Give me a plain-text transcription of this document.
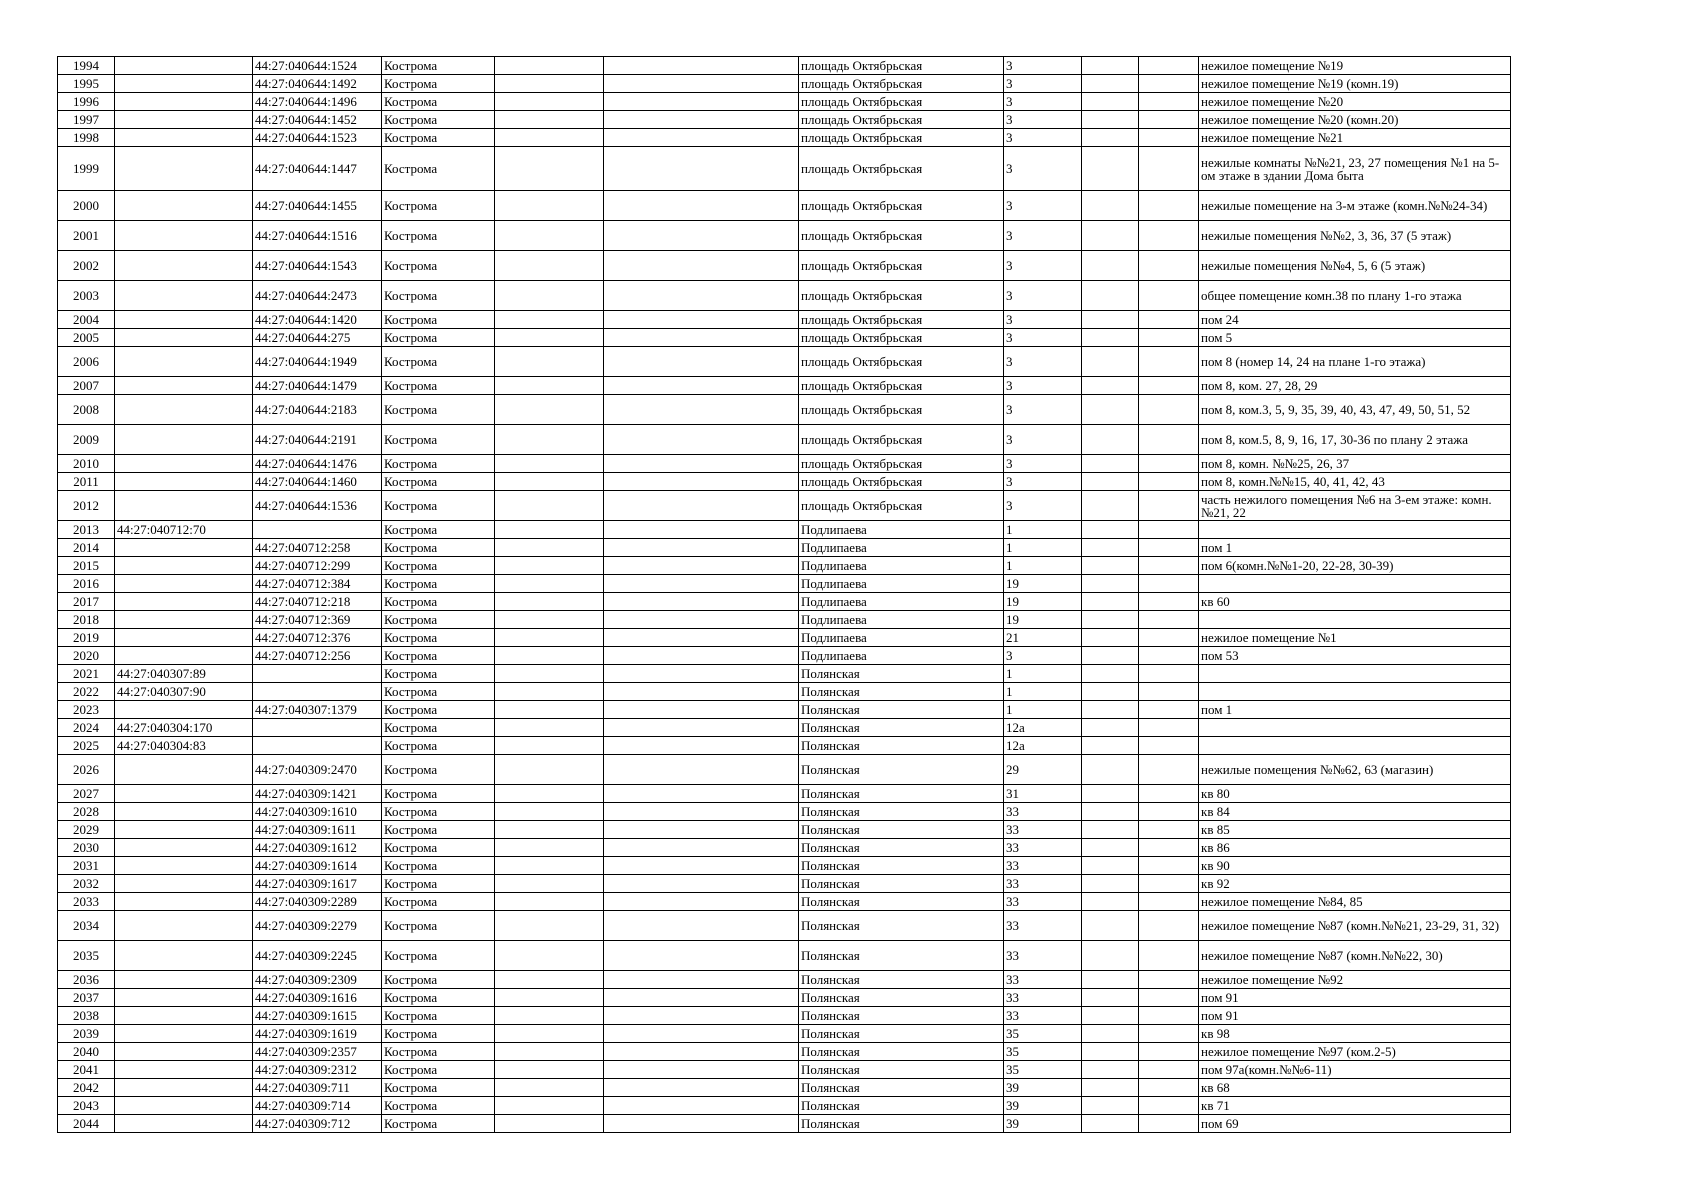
1994		44:27:040644:1524	Кострома			площадь Октябрьская	3			нежилое помещение №19
1995		44:27:040644:1492	Кострома			площадь Октябрьская	3			нежилое помещение №19 (комн.19)
1996		44:27:040644:1496	Кострома			площадь Октябрьская	3			нежилое помещение №20
1997		44:27:040644:1452	Кострома			площадь Октябрьская	3			нежилое помещение №20 (комн.20)
1998		44:27:040644:1523	Кострома			площадь Октябрьская	3			нежилое помещение №21
1999		44:27:040644:1447	Кострома			площадь Октябрьская	3			нежилые комнаты №№21, 23, 27 помещения №1 на 5-ом этаже в здании Дома быта
2000		44:27:040644:1455	Кострома			площадь Октябрьская	3			нежилые помещение на 3-м этаже (комн.№№24-34)
2001		44:27:040644:1516	Кострома			площадь Октябрьская	3			нежилые помещения №№2, 3, 36, 37 (5 этаж)
2002		44:27:040644:1543	Кострома			площадь Октябрьская	3			нежилые помещения №№4, 5, 6 (5 этаж)
2003		44:27:040644:2473	Кострома			площадь Октябрьская	3			общее помещение комн.38 по плану 1-го этажа
2004		44:27:040644:1420	Кострома			площадь Октябрьская	3			пом 24
2005		44:27:040644:275	Кострома			площадь Октябрьская	3			пом 5
2006		44:27:040644:1949	Кострома			площадь Октябрьская	3			пом 8 (номер 14, 24 на плане 1-го этажа)
2007		44:27:040644:1479	Кострома			площадь Октябрьская	3			пом 8, ком. 27, 28, 29
2008		44:27:040644:2183	Кострома			площадь Октябрьская	3			пом 8, ком.3, 5, 9, 35, 39, 40, 43, 47, 49, 50, 51, 52
2009		44:27:040644:2191	Кострома			площадь Октябрьская	3			пом 8, ком.5, 8, 9, 16, 17, 30-36 по плану 2 этажа
2010		44:27:040644:1476	Кострома			площадь Октябрьская	3			пом 8, комн. №№25, 26, 37
2011		44:27:040644:1460	Кострома			площадь Октябрьская	3			пом 8, комн.№№15, 40, 41, 42, 43
2012		44:27:040644:1536	Кострома			площадь Октябрьская	3			часть нежилого помещения №6 на 3-ем этаже: комн. №21, 22
2013	44:27:040712:70		Кострома			Подлипаева	1			
2014		44:27:040712:258	Кострома			Подлипаева	1			пом 1
2015		44:27:040712:299	Кострома			Подлипаева	1			пом 6(комн.№№1-20, 22-28, 30-39)
2016		44:27:040712:384	Кострома			Подлипаева	19			
2017		44:27:040712:218	Кострома			Подлипаева	19			кв 60
2018		44:27:040712:369	Кострома			Подлипаева	19			
2019		44:27:040712:376	Кострома			Подлипаева	21			нежилое помещение №1
2020		44:27:040712:256	Кострома			Подлипаева	3			пом 53
2021	44:27:040307:89		Кострома			Полянская	1			
2022	44:27:040307:90		Кострома			Полянская	1			
2023		44:27:040307:1379	Кострома			Полянская	1			пом 1
2024	44:27:040304:170		Кострома			Полянская	12а			
2025	44:27:040304:83		Кострома			Полянская	12а			
2026		44:27:040309:2470	Кострома			Полянская	29			нежилые помещения №№62, 63 (магазин)
2027		44:27:040309:1421	Кострома			Полянская	31			кв 80
2028		44:27:040309:1610	Кострома			Полянская	33			кв 84
2029		44:27:040309:1611	Кострома			Полянская	33			кв 85
2030		44:27:040309:1612	Кострома			Полянская	33			кв 86
2031		44:27:040309:1614	Кострома			Полянская	33			кв 90
2032		44:27:040309:1617	Кострома			Полянская	33			кв 92
2033		44:27:040309:2289	Кострома			Полянская	33			нежилое помещение №84, 85
2034		44:27:040309:2279	Кострома			Полянская	33			нежилое помещение №87 (комн.№№21, 23-29, 31, 32)
2035		44:27:040309:2245	Кострома			Полянская	33			нежилое помещение №87 (комн.№№22, 30)
2036		44:27:040309:2309	Кострома			Полянская	33			нежилое помещение №92
2037		44:27:040309:1616	Кострома			Полянская	33			пом 91
2038		44:27:040309:1615	Кострома			Полянская	33			пом 91
2039		44:27:040309:1619	Кострома			Полянская	35			кв 98
2040		44:27:040309:2357	Кострома			Полянская	35			нежилое помещение №97 (ком.2-5)
2041		44:27:040309:2312	Кострома			Полянская	35			пом 97а(комн.№№6-11)
2042		44:27:040309:711	Кострома			Полянская	39			кв 68
2043		44:27:040309:714	Кострома			Полянская	39			кв 71
2044		44:27:040309:712	Кострома			Полянская	39			пом 69
